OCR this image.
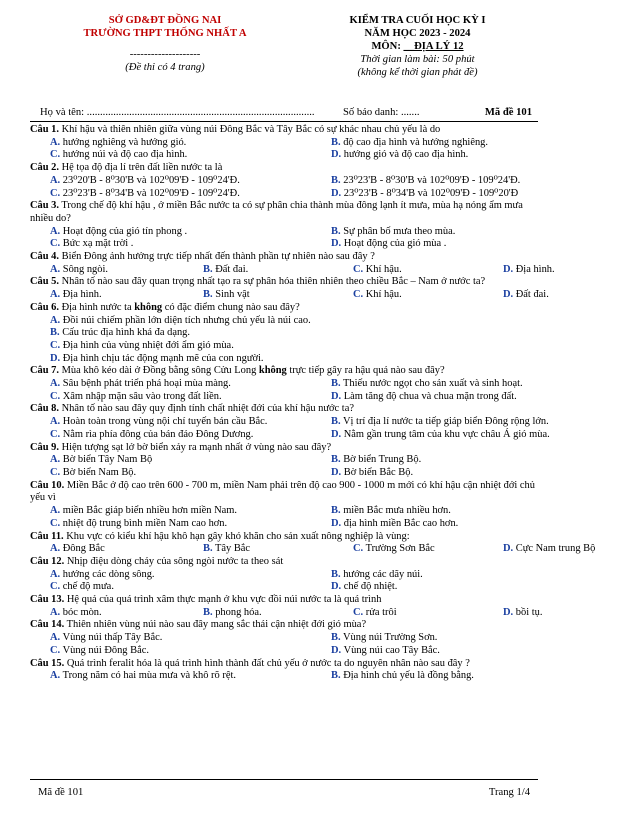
SỞ GD&ĐT ĐỒNG NAI
TRƯỜNG THPT THỐNG NHẤT A
--------------------
(Đề thi có 4 trang)
KIỂM TRA CUỐI HỌC KỲ I
NĂM HỌC 2023 - 2024
MÔN: __ĐỊA LÝ 12
Thời gian làm bài: 50 phút
(không kể thời gian phát đề)
Họ và tên: ......................................................................................	Số báo danh: .......	Mã đề 101
Câu 1. Khí hậu và thiên nhiên giữa vùng núi Đông Bắc và Tây Bắc có sự khác nhau chủ yếu là do
A. hướng nghiêng và hướng gió.	B. độ cao địa hình và hướng nghiêng.
C. hướng núi và độ cao địa hình.	D. hướng gió và độ cao địa hình.
Câu 2. Hệ tọa độ địa lí trên đất liền nước ta là
A. 23⁰20'B - 8⁰30'B và 102⁰09'Đ - 109⁰24'Đ.	B. 23⁰23'B - 8⁰30'B và 102⁰09'Đ - 109⁰24'Đ.
C. 23⁰23'B - 8⁰34'B và 102⁰09'Đ - 109⁰24'Đ.	D. 23⁰23'B - 8⁰34'B và 102⁰09'Đ - 109⁰20'Đ
Câu 3. Trong chế độ khí hậu , ở miền Bắc nước ta có sự phân chia thành mùa đông lạnh ít mưa, mùa hạ nóng ẩm mưa nhiều do?
A. Hoạt động của gió tín phong .	B. Sự phân bố mưa theo mùa.
C. Bức xạ mặt trời .	D. Hoạt động của gió mùa .
Câu 4. Biển Đông ảnh hưởng trực tiếp nhất đến thành phần tự nhiên nào sau đây ?
A. Sông ngòi.	B. Đất đai.	C. Khí hậu.	D. Địa hình.
Câu 5. Nhân tố nào sau đây quan trọng nhất tạo ra sự phân hóa thiên nhiên theo chiều Bắc – Nam ở nước ta?
A. Địa hình.	B. Sinh vật	C. Khí hậu.	D. Đất đai.
Câu 6. Địa hình nước ta không có đặc điểm chung nào sau đây?
A. Đồi núi chiếm phần lớn diện tích nhưng chủ yếu là núi cao.
B. Cấu trúc địa hình khá đa dạng.
C. Địa hình của vùng nhiệt đới ẩm gió mùa.
D. Địa hình chịu tác động mạnh mẽ của con người.
Câu 7. Mùa khô kéo dài ở Đồng bằng sông Cửu Long không trực tiếp gây ra hậu quả nào sau đây?
A. Sâu bệnh phát triển phá hoại mùa màng.	B. Thiếu nước ngọt cho sản xuất và sinh hoạt.
C. Xâm nhập mặn sâu vào trong đất liền.	D. Làm tăng độ chua và chua mặn trong đất.
Câu 8. Nhân tố nào sau đây quy định tính chất nhiệt đới của khí hậu nước ta?
A. Hoàn toàn trong vùng nội chí tuyến bán cầu Bắc.	B. Vị trí địa lí nước ta tiếp giáp biển Đông rộng lớn.
C. Nằm rìa phía đông của bán đảo Đông Dương.	D. Nằm gần trung tâm của khu vực châu Á gió mùa.
Câu 9. Hiện tượng sạt lở bờ biển xảy ra mạnh nhất ở vùng nào sau đây?
A. Bờ biển Tây Nam Bộ	B. Bờ biển Trung Bộ.
C. Bờ biển Nam Bộ.	D. Bờ biển Bắc Bộ.
Câu 10. Miền Bắc ở độ cao trên 600 - 700 m, miền Nam phải trên độ cao 900 - 1000 m mới có khí hậu cận nhiệt đới chủ yếu vì
A. miền Bắc giáp biển nhiều hơn miền Nam.	B. miền Bắc mưa nhiều hơn.
C. nhiệt độ trung bình miền Nam cao hơn.	D. địa hình miền Bắc cao hơn.
Câu 11. Khu vực có kiểu khí hậu khô hạn gây khó khăn cho sản xuất nông nghiệp là vùng:
A. Đông Bắc	B. Tây Bắc	C. Trường Sơn Bắc	D. Cực Nam trung Bộ
Câu 12. Nhịp điệu dòng chảy của sông ngòi nước ta theo sát
A. hướng các dòng sông.	B. hướng các dãy núi.
C. chế độ mưa.	D. chế độ nhiệt.
Câu 13. Hệ quả của quá trình xâm thực mạnh ở khu vực đồi núi nước ta là quá trình
A. bóc mòn.	B. phong hóa.	C. rửa trôi	D. bồi tụ.
Câu 14. Thiên nhiên vùng núi nào sau đây mang sắc thái cận nhiệt đới gió mùa?
A. Vùng núi thấp Tây Bắc.	B. Vùng núi Trường Sơn.
C. Vùng núi Đông Bắc.	D. Vùng núi cao Tây Bắc.
Câu 15. Quá trình feralit hóa là quá trình hình thành đất chủ yếu ở nước ta do nguyên nhân nào sau đây ?
A. Trong năm có hai mùa mưa và khô rõ rệt.	B. Địa hình chủ yếu là đồng bằng.
Mã đề 101	Trang 1/4
